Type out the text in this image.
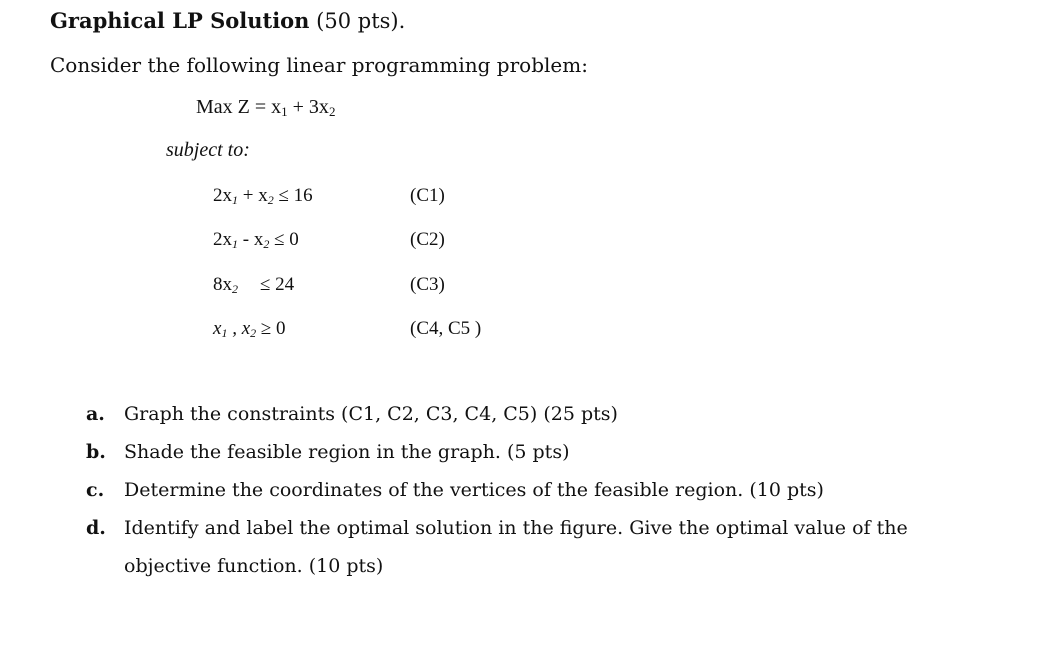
Graphical LP Solution (50 pts).
Consider the following linear programming problem:
Max $Z = x_1 + 3x_2$
subject to:
$2x_1 + x_2 \le 16$	(C1)
$2x_1 - x_2 \le 0$	(C2)
$8x_2 \le 24$	(C3)
$x_1$ , $x_2 \ge 0$	(C4, C5 )
a. Graph the constraints (C1, C2, C3, C4, C5) (25 pts)
b. Shade the feasible region in the graph. (5 pts)
c. Determine the coordinates of the vertices of the feasible region. (10 pts)
d. Identify and label the optimal solution in the figure. Give the optimal value of the
objective function. (10 pts)
